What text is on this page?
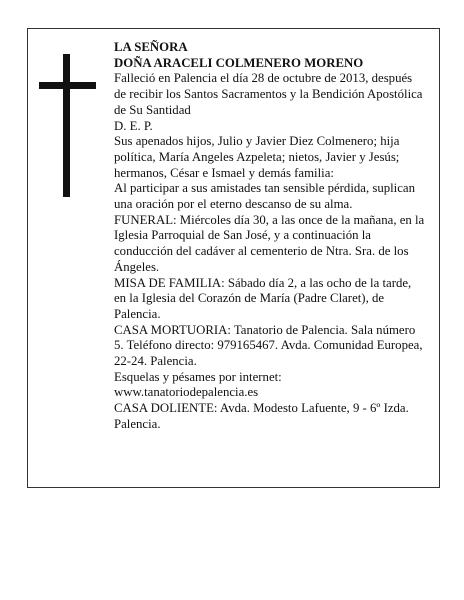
LA SEÑORA

DOÑA ARACELI COLMENERO MORENO

Falleció en Palencia el día 28 de octubre de 2013, después de recibir los Santos Sacramentos y la Bendición Apostólica de Su Santidad

D. E. P.

Sus apenados hijos, Julio y Javier Diez Colmenero; hija política, María Angeles Azpeleta; nietos, Javier y Jesús; hermanos, César e Ismael y demás familia:

Al participar a sus amistades tan sensible pérdida, suplican una oración por el eterno descanso de su alma.

FUNERAL: Miércoles día 30, a las once de la mañana, en la Iglesia Parroquial de San José, y a continuación la conducción del cadáver al cementerio de Ntra. Sra. de los Ángeles.

MISA DE FAMILIA: Sábado día 2, a las ocho de la tarde, en la Iglesia del Corazón de María (Padre Claret), de Palencia.

CASA MORTUORIA: Tanatorio de Palencia. Sala número 5. Teléfono directo: 979165467. Avda. Comunidad Europea, 22-24. Palencia.

Esquelas y pésames por internet: www.tanatoriodepalencia.es

CASA DOLIENTE: Avda. Modesto Lafuente, 9 - 6º Izda. Palencia.
